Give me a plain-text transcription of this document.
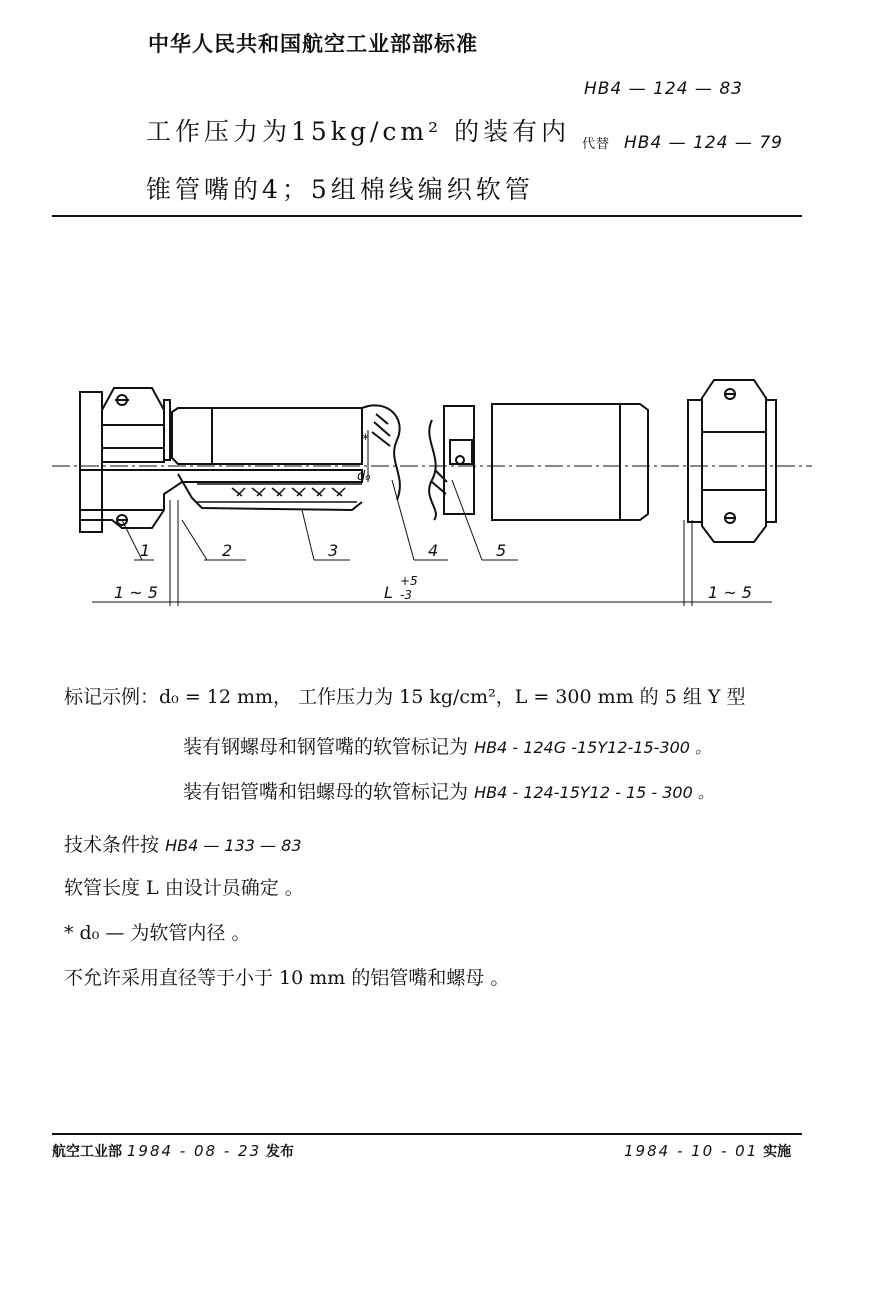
中华人民共和国航空工业部部标准
工作压力为15kg/cm² 的装有内
锥管嘴的4；5组棉线编织软管
HB4 — 124 — 83
代替 HB4 — 124 — 79
1	2	3	4	5
1 ~ 5	L
+5
-3	1 ~ 5
d₀
*
标记示例：d₀ = 12 mm， 工作压力为 15 kg/cm²，L = 300 mm 的 5 组 Y 型
装有钢螺母和钢管嘴的软管标记为 HB4 - 124G -15Y12-15-300 。
装有铝管嘴和铝螺母的软管标记为 HB4 - 124-15Y12 - 15 - 300 。
技术条件按 HB4 — 133 — 83
软管长度 L 由设计员确定 。
* d₀ — 为软管内径 。
不允许采用直径等于小于 10 mm 的铝管嘴和螺母 。
航空工业部 1984 - 08 - 23 发布	1984 - 10 - 01 实施
